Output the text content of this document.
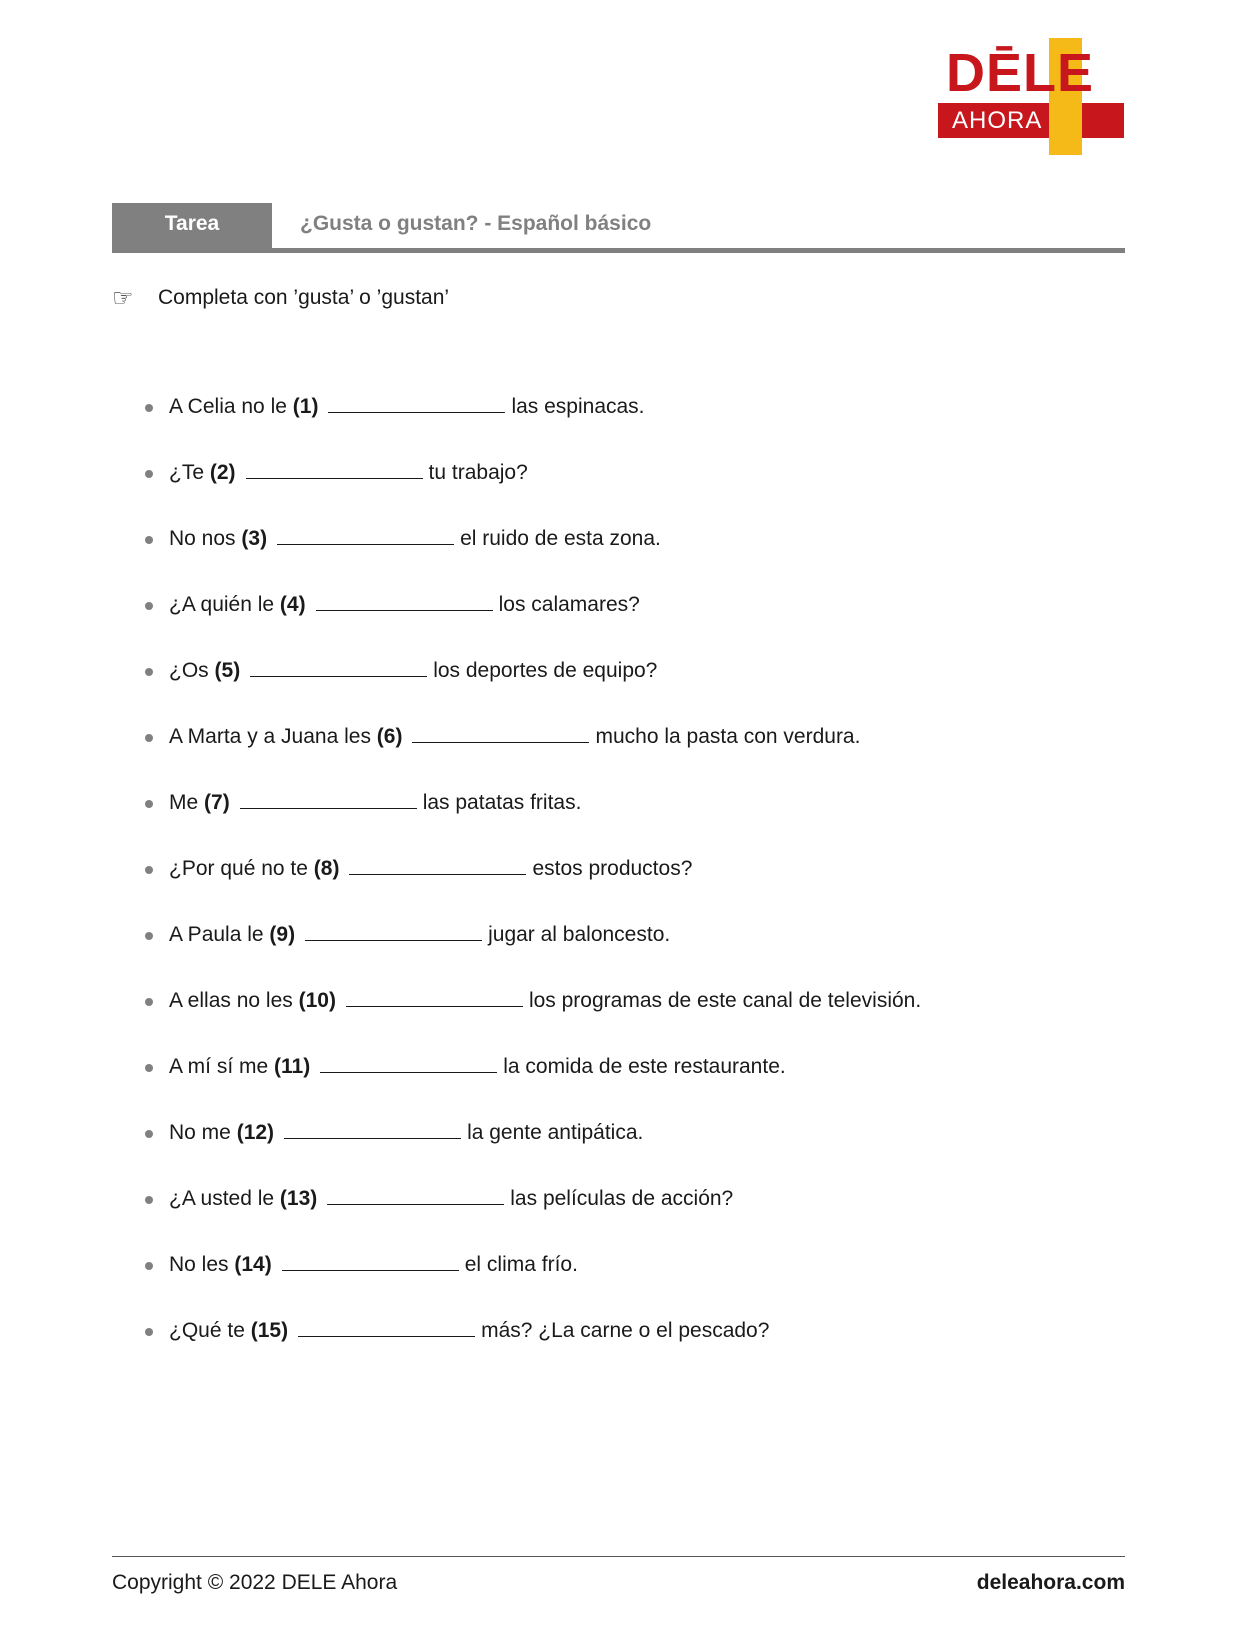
DĒLE
AHORA
Tarea	¿Gusta o gustan? - Español básico
☞	Completa con ’gusta’ o ’gustan’
A Celia no le (1)	las espinacas.
¿Te (2)	tu trabajo?
No nos (3)	el ruido de esta zona.
¿A quién le (4)	los calamares?
¿Os (5)	los deportes de equipo?
A Marta y a Juana les (6)	mucho la pasta con verdura.
Me (7)	las patatas fritas.
¿Por qué no te (8)	estos productos?
A Paula le (9)	jugar al baloncesto.
A ellas no les (10)	los programas de este canal de televisión.
A mí sí me (11)	la comida de este restaurante.
No me (12)	la gente antipática.
¿A usted le (13)	las películas de acción?
No les (14)	el clima frío.
¿Qué te (15)	más? ¿La carne o el pescado?
Copyright © 2022 DELE Ahora	deleahora.com
